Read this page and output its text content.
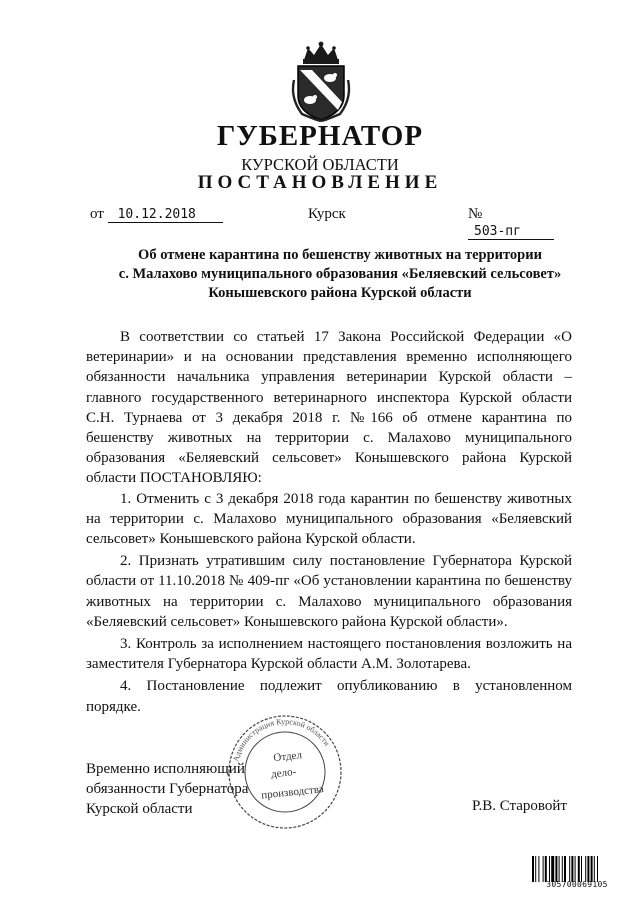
ГУБЕРНАТОР
КУРСКОЙ ОБЛАСТИ
ПОСТАНОВЛЕНИЕ
от 10.12.2018	Курск	№ 503-пг
Об отмене карантина по бешенству животных на территории
с. Малахово муниципального образования «Беляевский сельсовет»
Конышевского района Курской области

В соответствии со статьей 17 Закона Российской Федерации «О ветеринарии» и на основании представления временно исполняющего обязанности начальника управления ветеринарии Курской области – главного государственного ветеринарного инспектора Курской области С.Н. Турнаева от 3 декабря 2018 г. №166 об отмене карантина по бешенству животных на территории с. Малахово муниципального образования «Беляевский сельсовет» Конышевского района Курской области ПОСТАНОВЛЯЮ:

1. Отменить с 3 декабря 2018 года карантин по бешенству животных на территории с. Малахово муниципального образования «Беляевский сельсовет» Конышевского района Курской области.

2. Признать утратившим силу постановление Губернатора Курской области от 11.10.2018 № 409-пг «Об установлении карантина по бешенству животных на территории с. Малахово муниципального образования «Беляевский сельсовет» Конышевского района Курской области».

3. Контроль за исполнением настоящего постановления возложить на заместителя Губернатора Курской области А.М. Золотарева.

4. Постановление подлежит опубликованию в установленном порядке.

Администрация Курской области
Отдел
дело-
производства
Временно исполняющий
обязанности Губернатора
Курской области	Р.В. Старовойт
305700069105
